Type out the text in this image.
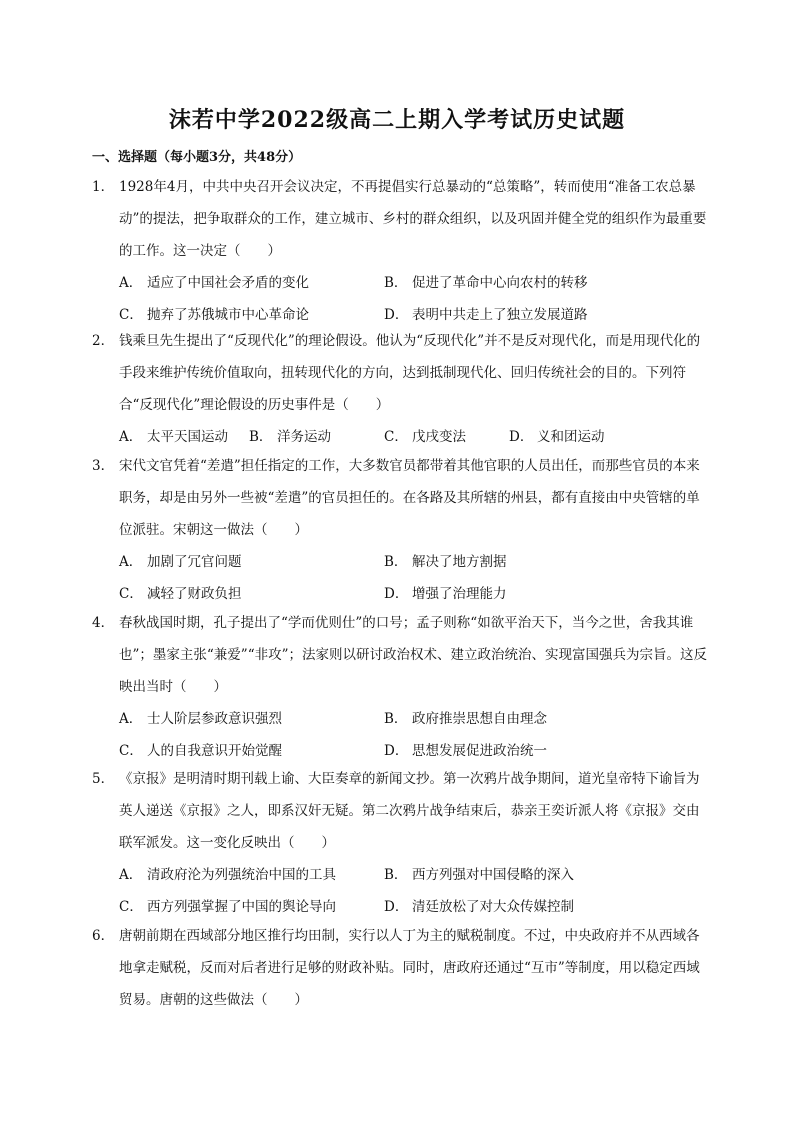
沫若中学2022级高二上期入学考试历史试题
一、选择题（每小题3分，共48分）

1． 1928年4月，中共中央召开会议决定，不再提倡实行总暴动的“总策略”，转而使用“准备工农总暴动”的提法，把争取群众的工作，建立城市、乡村的群众组织，以及巩固并健全党的组织作为最重要的工作。这一决定（　　）

A． 适应了中国社会矛盾的变化	B． 促进了革命中心向农村的转移
C． 抛弃了苏俄城市中心革命论	D． 表明中共走上了独立发展道路

2． 钱乘旦先生提出了“反现代化”的理论假设。他认为“反现代化”并不是反对现代化，而是用现代化的手段来维护传统价值取向，扭转现代化的方向，达到抵制现代化、回归传统社会的目的。下列符合“反现代化”理论假设的历史事件是（　　）

A． 太平天国运动	B． 洋务运动	C． 戊戌变法	D． 义和团运动

3． 宋代文官凭着“差遣”担任指定的工作，大多数官员都带着其他官职的人员出任，而那些官员的本来职务，却是由另外一些被“差遣”的官员担任的。在各路及其所辖的州县，都有直接由中央管辖的单位派驻。宋朝这一做法（　　）

A． 加剧了冗官问题	B． 解决了地方割据
C． 减轻了财政负担	D． 增强了治理能力

4． 春秋战国时期，孔子提出了“学而优则仕”的口号；孟子则称“如欲平治天下，当今之世，舍我其谁也”；墨家主张“兼爱”“非攻”；法家则以研讨政治权术、建立政治统治、实现富国强兵为宗旨。这反映出当时（　　）

A． 士人阶层参政意识强烈	B． 政府推崇思想自由理念
C． 人的自我意识开始觉醒	D． 思想发展促进政治统一

5． 《京报》是明清时期刊载上谕、大臣奏章的新闻文抄。第一次鸦片战争期间，道光皇帝特下谕旨为英人递送《京报》之人，即系汉奸无疑。第二次鸦片战争结束后，恭亲王奕䜣派人将《京报》交由联军派发。这一变化反映出（　　）

A． 清政府沦为列强统治中国的工具	B． 西方列强对中国侵略的深入
C． 西方列强掌握了中国的舆论导向	D． 清廷放松了对大众传媒控制

6． 唐朝前期在西域部分地区推行均田制，实行以人丁为主的赋税制度。不过，中央政府并不从西域各地拿走赋税，反而对后者进行足够的财政补贴。同时，唐政府还通过“互市”等制度，用以稳定西域贸易。唐朝的这些做法（　　）
